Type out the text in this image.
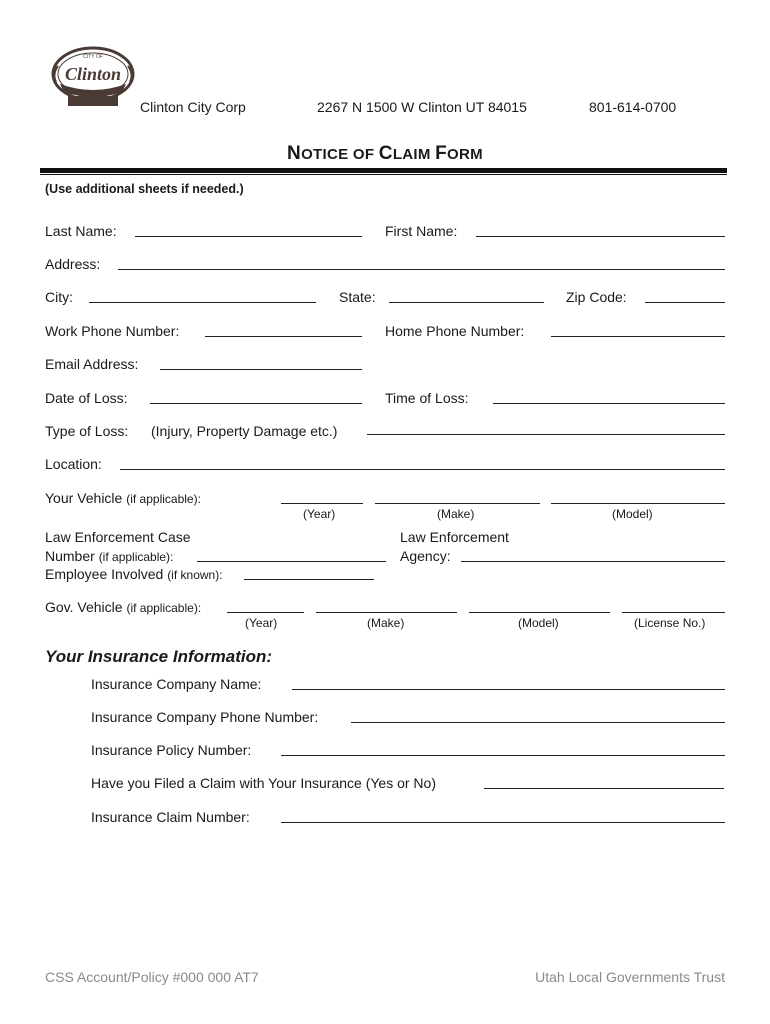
Clinton
CITY OF
Clinton City Corp	2267 N 1500 W Clinton UT 84015	801-614-0700
NOTICE OF CLAIM FORM
(Use additional sheets if needed.)
Last Name:	First Name:
Address:
City:	State:	Zip Code:
Work Phone Number:	Home Phone Number:
Email Address:
Date of Loss:	Time of Loss:
Type of Loss: (Injury, Property Damage etc.)
Location:
Your Vehicle (if applicable):
(Year)	(Make)	(Model)
Law Enforcement Case
Number (if applicable):
Law Enforcement
Agency:
Employee Involved (if known):
Gov. Vehicle (if applicable):
(Year)	(Make)	(Model)	(License No.)
Your Insurance Information:
Insurance Company Name:
Insurance Company Phone Number:
Insurance Policy Number:
Have you Filed a Claim with Your Insurance (Yes or No)
Insurance Claim Number:
CSS Account/Policy #000 000 AT7	Utah Local Governments Trust
